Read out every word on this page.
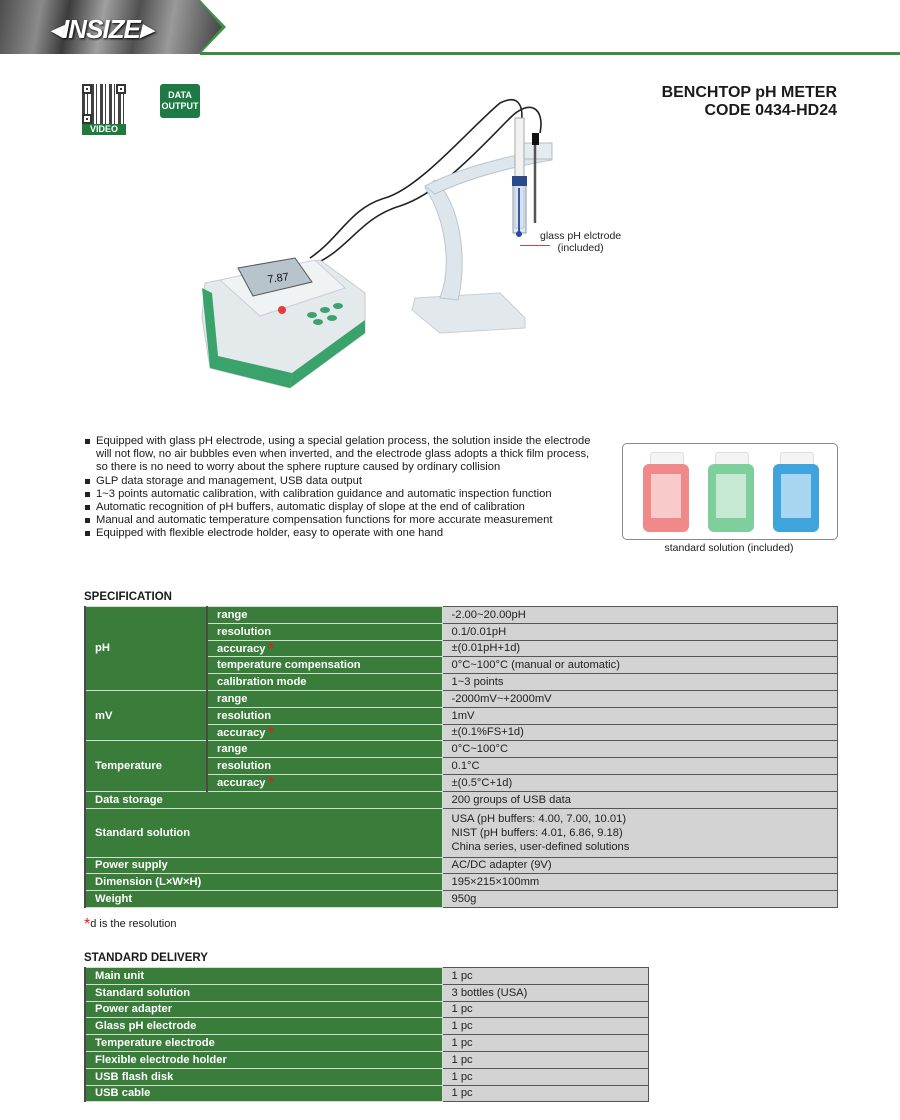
◂INSIZE▸
VIDEO
DATA
OUTPUT
BENCHTOP pH METER
CODE 0434-HD24
7.87
glass pH elctrode
(included)
Equipped with glass pH electrode, using a special gelation process, the solution inside the electrode will not flow, no air bubbles even when inverted, and the electrode glass adopts a thick film process, so there is no need to worry about the sphere rupture caused by ordinary collision
GLP data storage and management, USB data output
1~3 points automatic calibration, with calibration guidance and automatic inspection function
Automatic recognition of pH buffers, automatic display of slope at the end of calibration
Manual and automatic temperature compensation functions for more accurate measurement
Equipped with flexible electrode holder, easy to operate with one hand
standard solution (included)
SPECIFICATION
pH	range	-2.00~20.00pH
	resolution	0.1/0.01pH
	accuracy *	±(0.01pH+1d)
	temperature compensation	0°C~100°C (manual or automatic)
	calibration mode	1~3 points
mV	range	-2000mV~+2000mV
	resolution	1mV
	accuracy *	±(0.1%FS+1d)
Temperature	range	0°C~100°C
	resolution	0.1°C
	accuracy *	±(0.5°C+1d)
Data storage		200 groups of USB data

Standard solution		USA (pH buffers: 4.00, 7.00, 10.01)
NIST (pH buffers: 4.01, 6.86, 9.18)
China series, user-defined solutions

Power supply		AC/DC adapter (9V)

Dimension (L×W×H)		195×215×100mm

Weight		950g
*d is the resolution
STANDARD DELIVERY
Main unit	1 pc
Standard solution	3 bottles (USA)
Power adapter	1 pc
Glass pH electrode	1 pc
Temperature electrode	1 pc
Flexible electrode holder	1 pc
USB flash disk	1 pc
USB cable	1 pc
